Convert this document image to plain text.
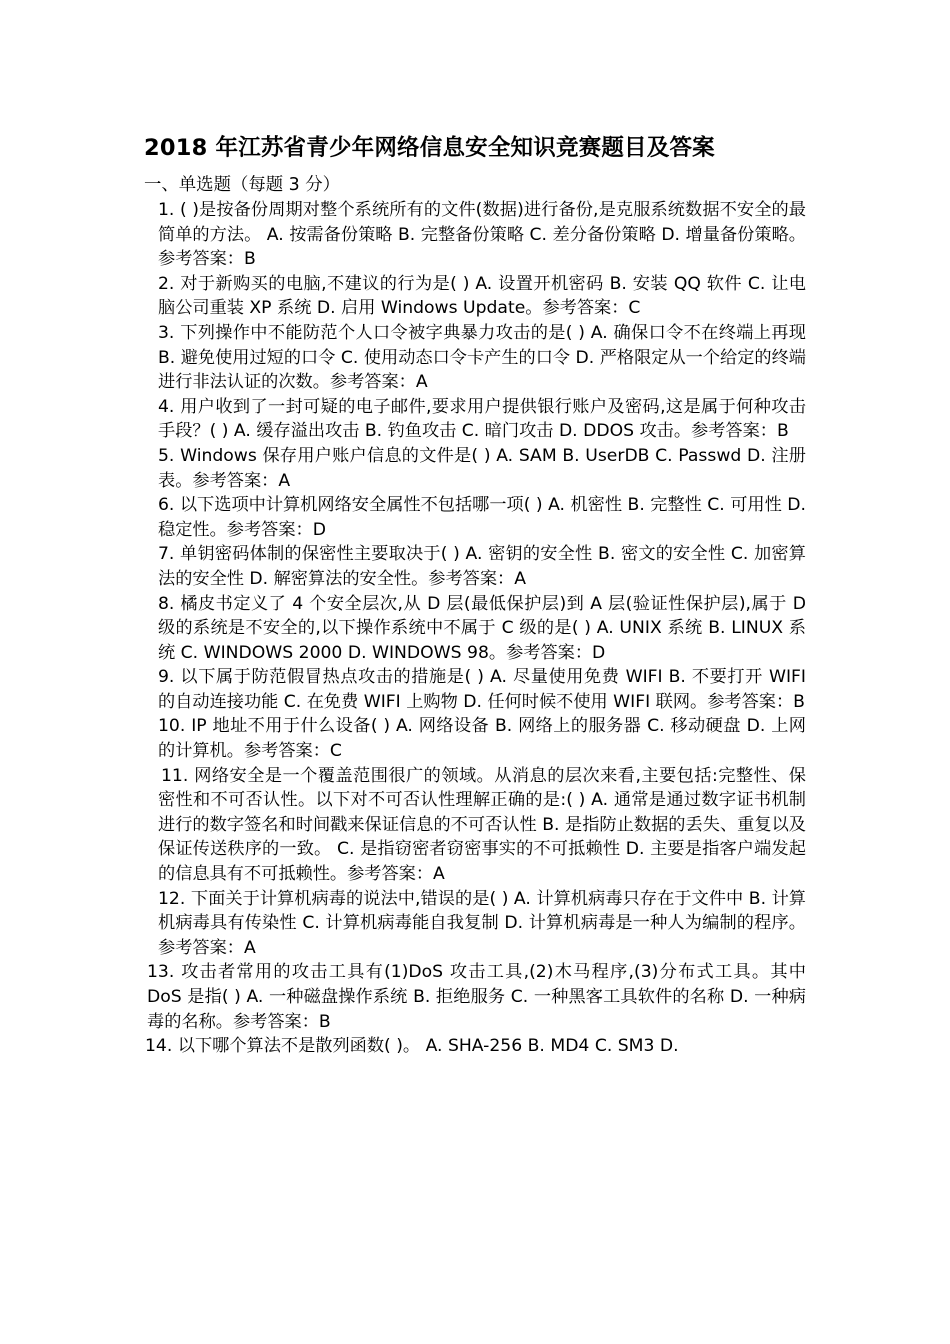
2018 年江苏省青少年网络信息安全知识竞赛题目及答案
一、单选题（每题 3 分）

1. ( )是按备份周期对整个系统所有的文件(数据)进行备份,是克服系统数据不安全的最简单的方法。 A. 按需备份策略 B. 完整备份策略 C. 差分备份策略 D. 增量备份策略。参考答案：B

2. 对于新购买的电脑,不建议的行为是( ) A. 设置开机密码 B. 安装 QQ 软件 C. 让电脑公司重装 XP 系统 D. 启用 Windows Update。参考答案：C

3. 下列操作中不能防范个人口令被字典暴力攻击的是( ) A. 确保口令不在终端上再现 B. 避免使用过短的口令 C. 使用动态口令卡产生的口令 D. 严格限定从一个给定的终端进行非法认证的次数。参考答案：A

4. 用户收到了一封可疑的电子邮件,要求用户提供银行账户及密码,这是属于何种攻击手段？( ) A. 缓存溢出攻击 B. 钓鱼攻击 C. 暗门攻击 D. DDOS 攻击。参考答案：B

5. Windows 保存用户账户信息的文件是( ) A. SAM B. UserDB C. Passwd D. 注册表。参考答案：A

6. 以下选项中计算机网络安全属性不包括哪一项( ) A. 机密性 B. 完整性 C. 可用性 D. 稳定性。参考答案：D

7. 单钥密码体制的保密性主要取决于( ) A. 密钥的安全性 B. 密文的安全性 C. 加密算法的安全性 D. 解密算法的安全性。参考答案：A

8. 橘皮书定义了 4 个安全层次,从 D 层(最低保护层)到 A 层(验证性保护层),属于 D 级的系统是不安全的,以下操作系统中不属于 C 级的是( ) A. UNIX 系统 B. LINUX 系统 C. WINDOWS 2000 D. WINDOWS 98。参考答案：D

9. 以下属于防范假冒热点攻击的措施是( ) A. 尽量使用免费 WIFI B. 不要打开 WIFI 的自动连接功能 C. 在免费 WIFI 上购物 D. 任何时候不使用 WIFI 联网。参考答案：B

10. IP 地址不用于什么设备( ) A. 网络设备 B. 网络上的服务器 C. 移动硬盘 D. 上网的计算机。参考答案：C

11. 网络安全是一个覆盖范围很广的领域。从消息的层次来看,主要包括:完整性、保密性和不可否认性。以下对不可否认性理解正确的是:( ) A. 通常是通过数字证书机制进行的数字签名和时间戳来保证信息的不可否认性 B. 是指防止数据的丢失、重复以及保证传送秩序的一致。 C. 是指窃密者窃密事实的不可抵赖性 D. 主要是指客户端发起的信息具有不可抵赖性。参考答案：A

12. 下面关于计算机病毒的说法中,错误的是( ) A. 计算机病毒只存在于文件中 B. 计算机病毒具有传染性 C. 计算机病毒能自我复制 D. 计算机病毒是一种人为编制的程序。参考答案：A

13. 攻击者常用的攻击工具有(1)DoS 攻击工具,(2)木马程序,(3)分布式工具。其中 DoS 是指( ) A. 一种磁盘操作系统 B. 拒绝服务 C. 一种黑客工具软件的名称 D. 一种病毒的名称。参考答案：B

14. 以下哪个算法不是散列函数( )。 A. SHA-256 B. MD4 C. SM3 D.
